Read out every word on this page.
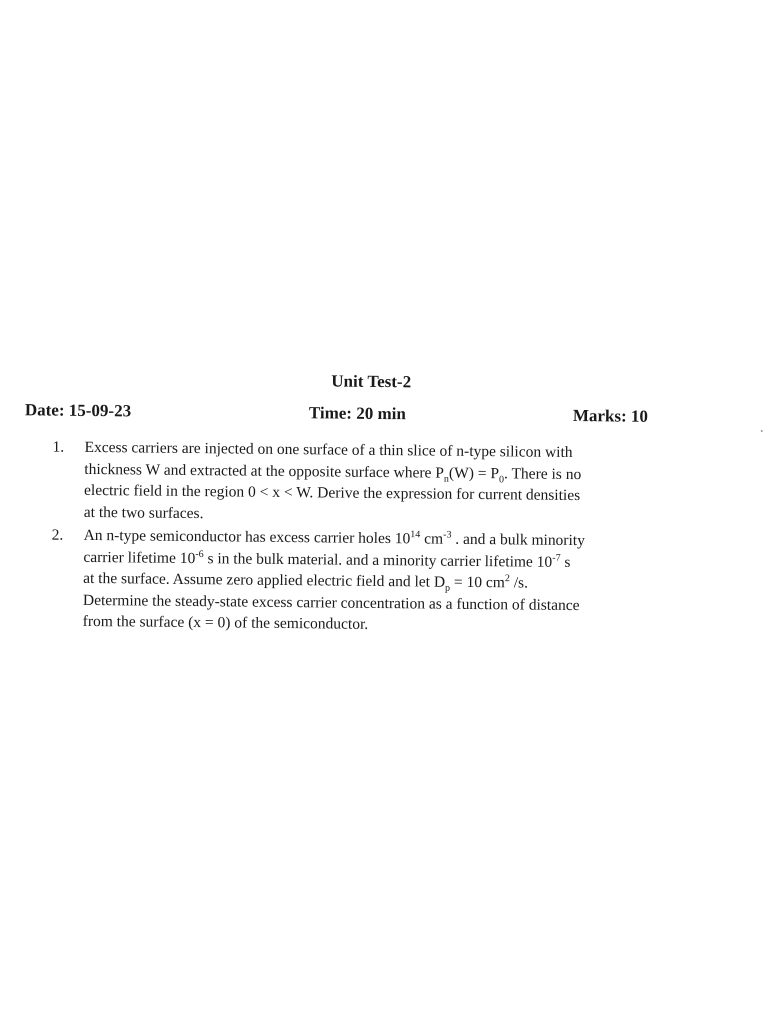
Unit Test-2
Date: 15-09-23	Time: 20 min	Marks: 10
1.	Excess carriers are injected on one surface of a thin slice of n-type silicon with
thickness W and extracted at the opposite surface where $P_n(W) = P_0$. There is no
electric field in the region 0 < x < W. Derive the expression for current densities
at the two surfaces.
2.	An n-type semiconductor has excess carrier holes $10^{14}$ $cm^{-3}$ . and a bulk minority
carrier lifetime $10^{-6}$ s in the bulk material. and a minority carrier lifetime $10^{-7}$ s
at the surface. Assume zero applied electric field and let $D_p = 10$ $cm^2$ /s.
Determine the steady-state excess carrier concentration as a function of distance
from the surface (x = 0) of the semiconductor.
